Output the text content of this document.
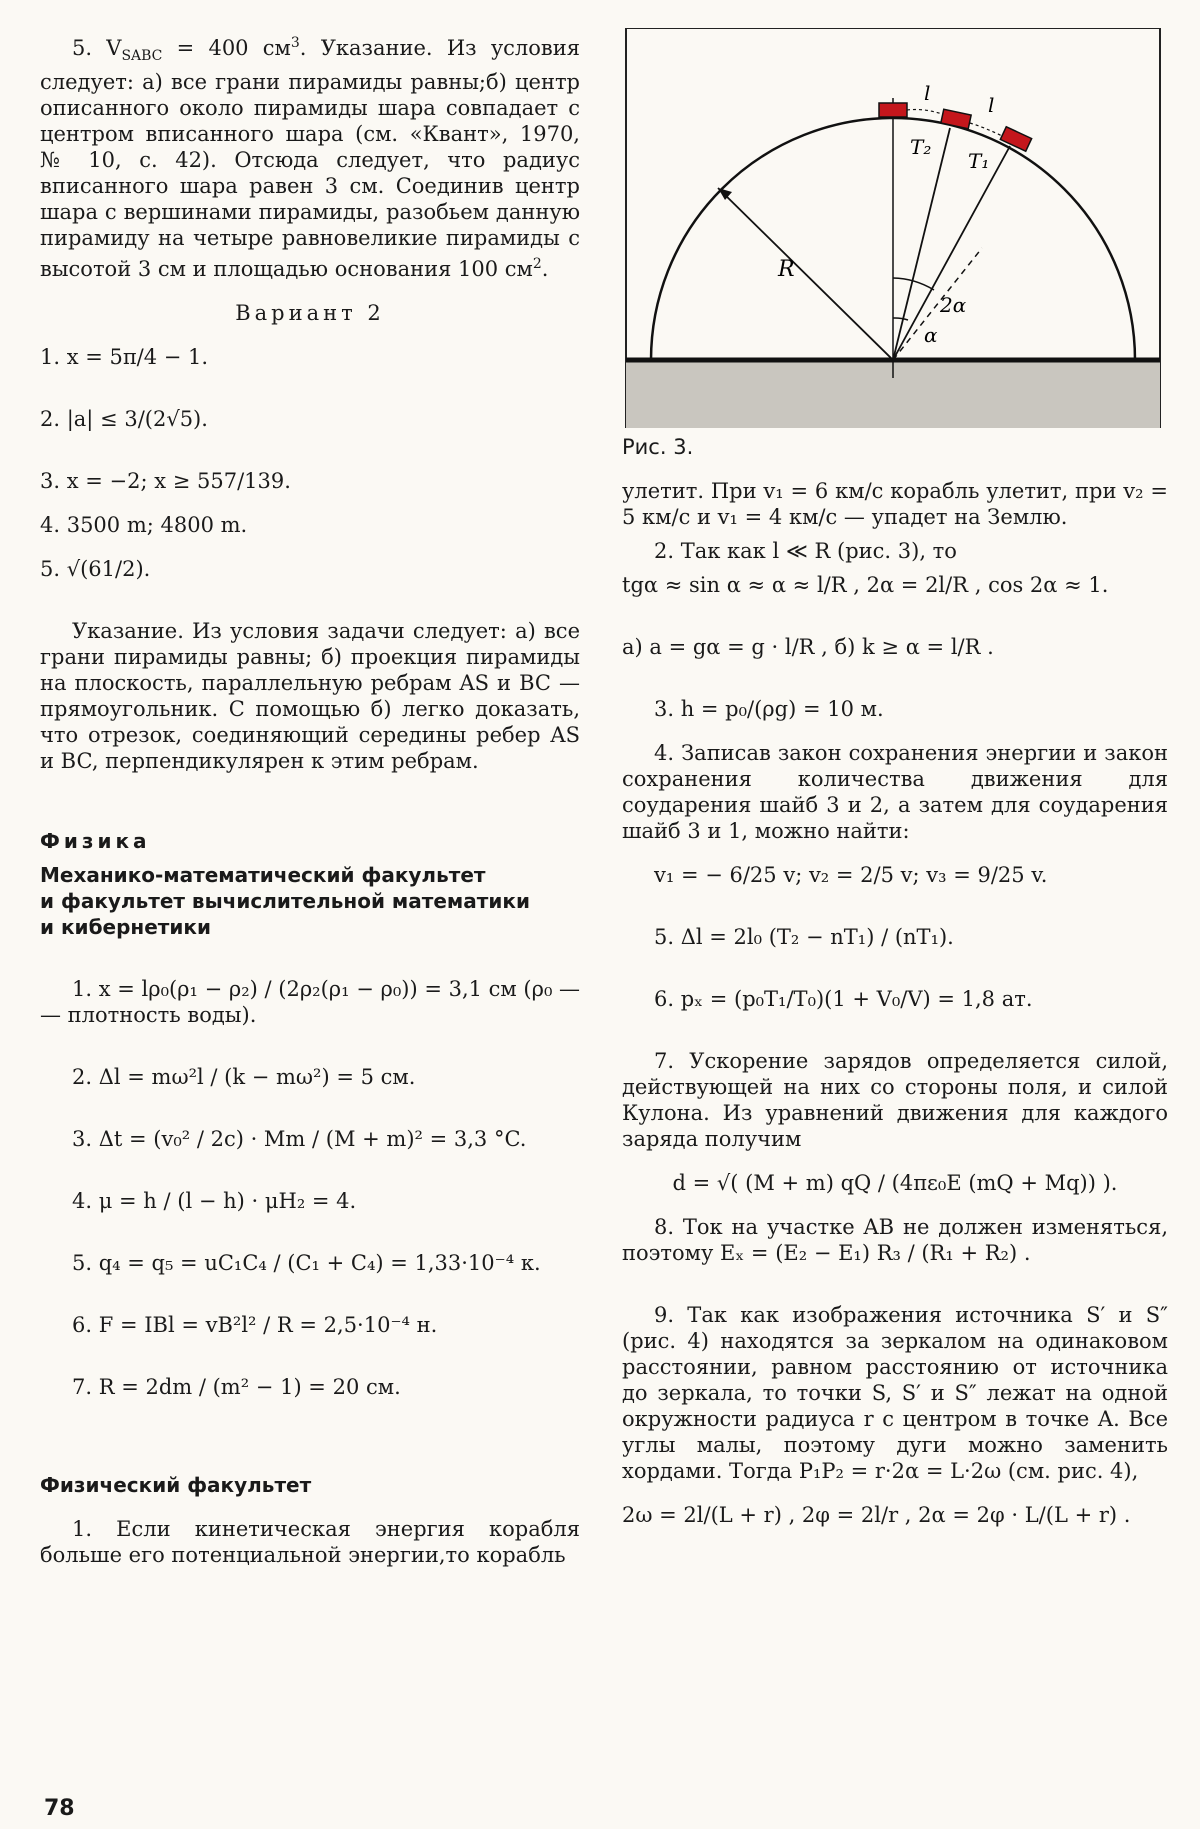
5. $V_{SABC} = 400$ $см^3$. Указание. Из условия следует: а) все грани пирамиды равны;б) центр описанного около пирамиды шара совпадает с центром вписанного шара (см. «Квант», 1970, № 10, с. 42). Отсюда следует, что радиус вписанного шара равен 3 см. Соединив центр шара с вершинами пирамиды, разобьем данную пирамиду на четыре равновеликие пирамиды с высотой 3 см и площадью основания 100 $см^2$.

Вариант 2

1. x = 5π/4 − 1.

2. |a| ≤ 3/(2√5).

3. x = −2; x ≥ 557/139.

4. 3500 m; 4800 m.

5. √(61/2).

Указание. Из условия задачи следует: а) все грани пирамиды равны; б) проекция пирамиды на плоскость, параллельную ребрам AS и BC — прямоугольник. С помощью б) легко доказать, что отрезок, соединяющий середины ребер AS и BC, перпендикулярен к этим ребрам.

Физика

Механико-математический факультет

и факультет вычислительной математики

и кибернетики

1. x = lρ₀(ρ₁ − ρ₂) / (2ρ₂(ρ₁ − ρ₀)) = 3,1 см (ρ₀ —

— плотность воды).

2. Δl = mω²l / (k − mω²) = 5 см.

3. Δt = (v₀² / 2c) · Mm / (M + m)² = 3,3 °C.

4. μ = h / (l − h) · μH₂ = 4.

5. q₄ = q₅ = uC₁C₄ / (C₁ + C₄) = 1,33·10⁻⁴ к.

6. F = IBl = vB²l² / R = 2,5·10⁻⁴ н.

7. R = 2dm / (m² − 1) = 20 см.

Физический факультет

1. Если кинетическая энергия корабля больше его потенциальной энергии,то корабль

R
l	l
T₂
T₁
2α
α

Рис. 3.

улетит. При v₁ = 6 км/с корабль улетит, при v₂ = 5 км/с и v₁ = 4 км/с — упадет на Землю.

2. Так как l ≪ R (рис. 3), то

tgα ≈ sin α ≈ α ≈ l/R , 2α = 2l/R , cos 2α ≈ 1.

а) a = gα = g · l/R , б) k ≥ α = l/R .

3. h = p₀/(ρg) = 10 м.

4. Записав закон сохранения энергии и закон сохранения количества движения для соударения шайб 3 и 2, а затем для соударения шайб 3 и 1, можно найти:

v₁ = − 6/25 v; v₂ = 2/5 v; v₃ = 9/25 v.

5. Δl = 2l₀ (T₂ − nT₁) / (nT₁).

6. pₓ = (p₀T₁/T₀)(1 + V₀/V) = 1,8 ат.

7. Ускорение зарядов определяется силой, действующей на них со стороны поля, и силой Кулона. Из уравнений движения для каждого заряда получим

d = √( (M + m) qQ / (4πε₀E (mQ + Mq)) ).

8. Ток на участке AB не должен изменяться, поэтому Eₓ = (E₂ − E₁) R₃ / (R₁ + R₂) .

9. Так как изображения источника S′ и S″ (рис. 4) находятся за зеркалом на одинаковом расстоянии, равном расстоянию от источника до зеркала, то точки S, S′ и S″ лежат на одной окружности радиуса r с центром в точке A. Все углы малы, поэтому дуги можно заменить хордами. Тогда P₁P₂ = r·2α = L·2ω (см. рис. 4),

2ω = 2l/(L + r) , 2φ = 2l/r , 2α = 2φ · L/(L + r) .

78
